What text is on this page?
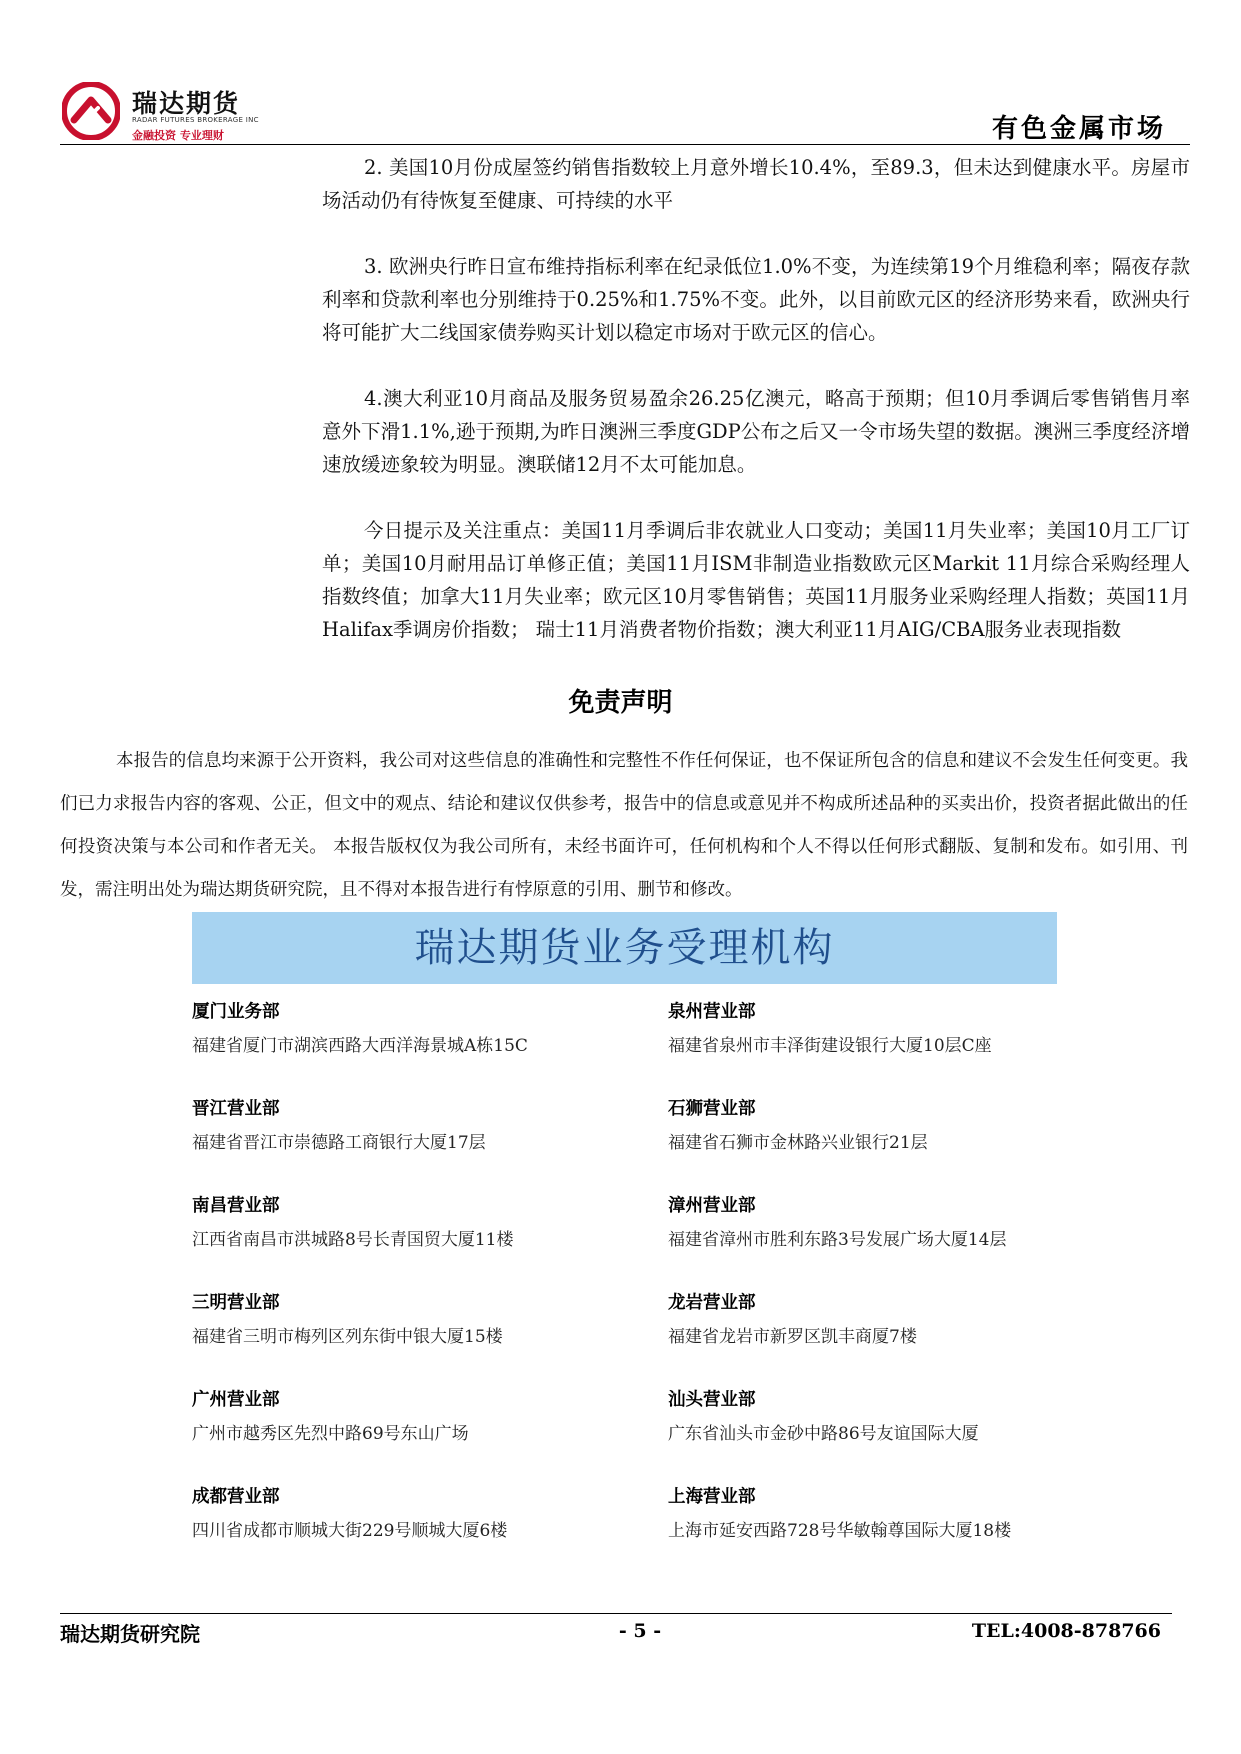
瑞达期货
RADAR FUTURES BROKERAGE INC
金融投资 专业理财	有色金属市场
2. 美国10月份成屋签约销售指数较上月意外增长10.4%，至89.3，但未达到健康水平。房屋市场活动仍有待恢复至健康、可持续的水平
3. 欧洲央行昨日宣布维持指标利率在纪录低位1.0%不变，为连续第19个月维稳利率；隔夜存款利率和贷款利率也分别维持于0.25%和1.75%不变。此外，以目前欧元区的经济形势来看，欧洲央行将可能扩大二线国家债券购买计划以稳定市场对于欧元区的信心。
4.澳大利亚10月商品及服务贸易盈余26.25亿澳元，略高于预期；但10月季调后零售销售月率意外下滑1.1%,逊于预期,为昨日澳洲三季度GDP公布之后又一令市场失望的数据。澳洲三季度经济增速放缓迹象较为明显。澳联储12月不太可能加息。
今日提示及关注重点：美国11月季调后非农就业人口变动；美国11月失业率；美国10月工厂订单；美国10月耐用品订单修正值；美国11月ISM非制造业指数欧元区Markit 11月综合采购经理人指数终值；加拿大11月失业率；欧元区10月零售销售；英国11月服务业采购经理人指数；英国11月Halifax季调房价指数； 瑞士11月消费者物价指数；澳大利亚11月AIG/CBA服务业表现指数
免责声明
本报告的信息均来源于公开资料，我公司对这些信息的准确性和完整性不作任何保证，也不保证所包含的信息和建议不会发生任何变更。我们已力求报告内容的客观、公正，但文中的观点、结论和建议仅供参考，报告中的信息或意见并不构成所述品种的买卖出价，投资者据此做出的任何投资决策与本公司和作者无关。 本报告版权仅为我公司所有，未经书面许可，任何机构和个人不得以任何形式翻版、复制和发布。如引用、刊发，需注明出处为瑞达期货研究院，且不得对本报告进行有悖原意的引用、删节和修改。
瑞达期货业务受理机构
厦门业务部
福建省厦门市湖滨西路大西洋海景城A栋15C
泉州营业部
福建省泉州市丰泽街建设银行大厦10层C座
晋江营业部
福建省晋江市崇德路工商银行大厦17层
石狮营业部
福建省石狮市金林路兴业银行21层
南昌营业部
江西省南昌市洪城路8号长青国贸大厦11楼
漳州营业部
福建省漳州市胜利东路3号发展广场大厦14层
三明营业部
福建省三明市梅列区列东街中银大厦15楼
龙岩营业部
福建省龙岩市新罗区凯丰商厦7楼
广州营业部
广州市越秀区先烈中路69号东山广场
汕头营业部
广东省汕头市金砂中路86号友谊国际大厦
成都营业部
四川省成都市顺城大街229号顺城大厦6楼
上海营业部
上海市延安西路728号华敏翰尊国际大厦18楼
瑞达期货研究院	- 5 -	TEL:4008-878766
